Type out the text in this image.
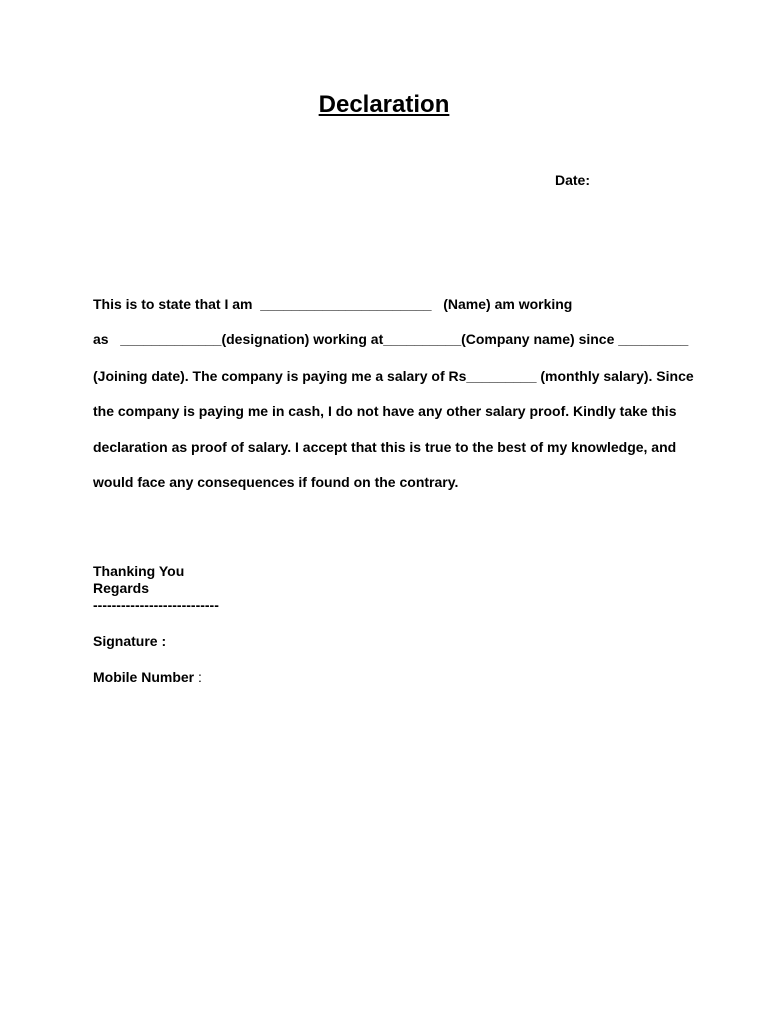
Declaration
Date:
This is to state that I am  ______________________   (Name) am working
as   _____________(designation) working at__________(Company name) since _________
(Joining date). The company is paying me a salary of Rs_________ (monthly salary). Since
the company is paying me in cash, I do not have any other salary proof. Kindly take this
declaration as proof of salary. I accept that this is true to the best of my knowledge, and
would face any consequences if found on the contrary.
Thanking You
Regards
---------------------------
Signature :
Mobile Number :
